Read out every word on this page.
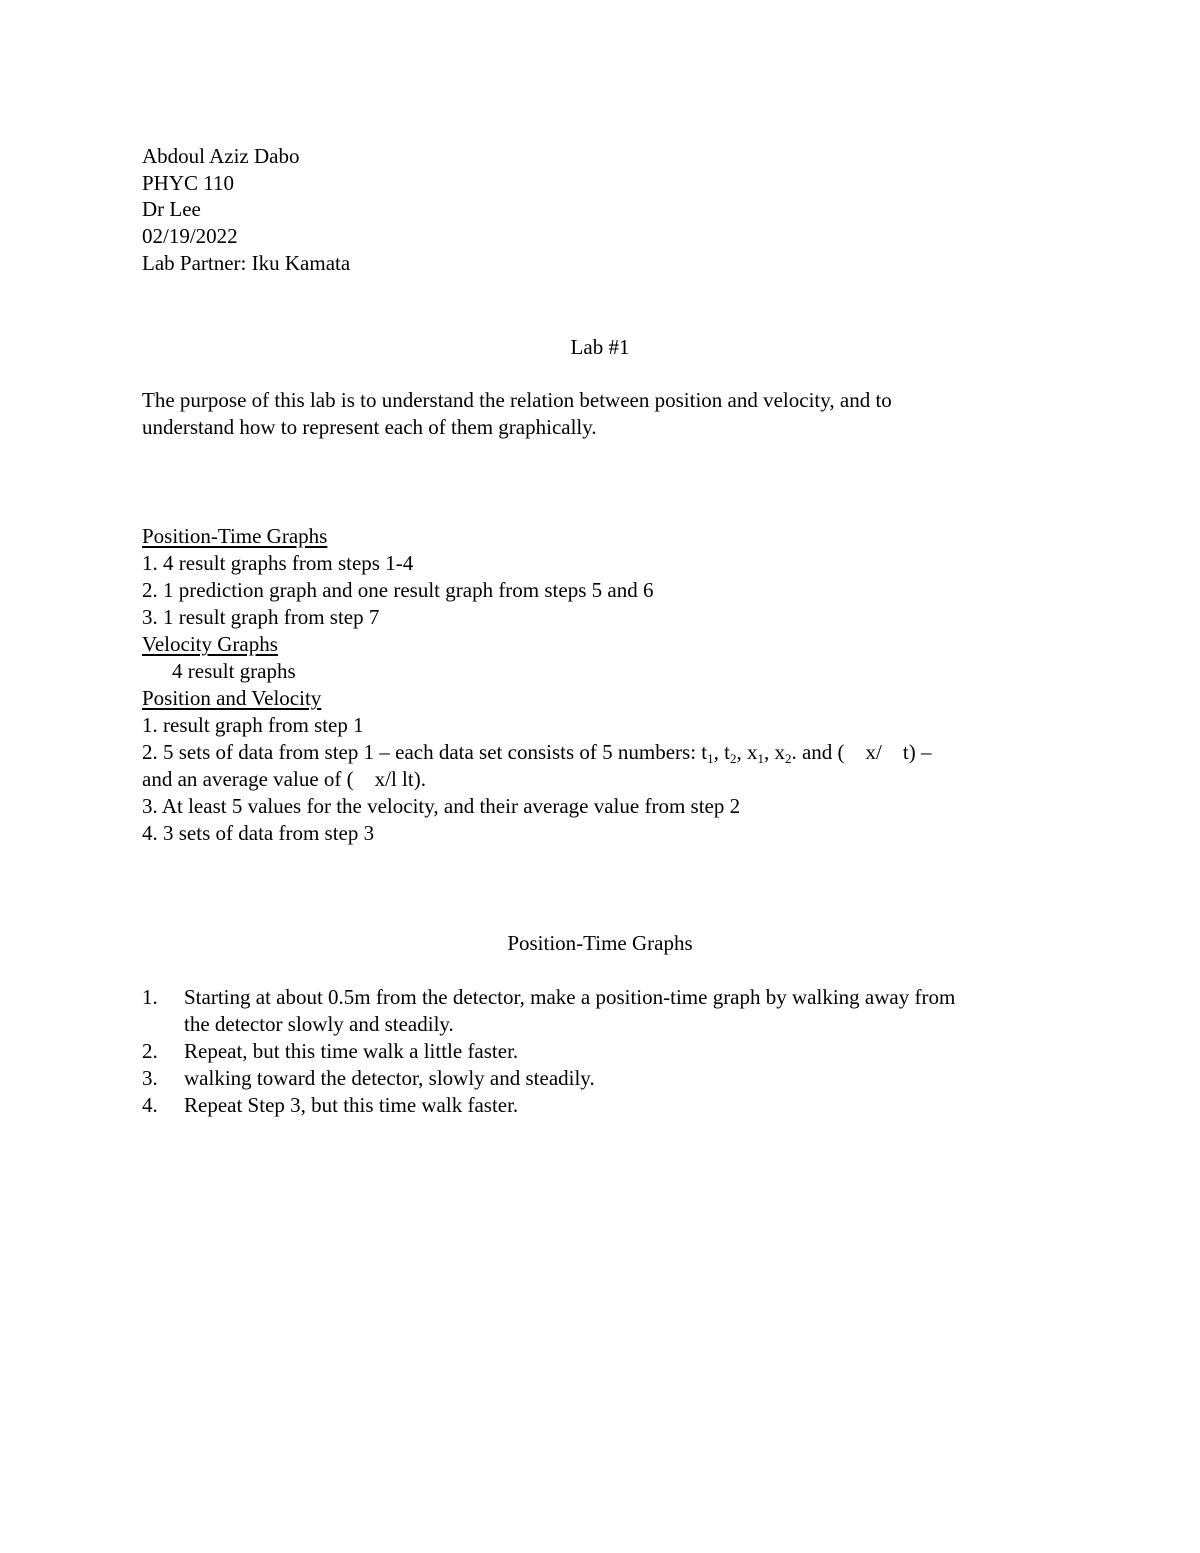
Abdoul Aziz Dabo
PHYC 110
Dr Lee
02/19/2022
Lab Partner: Iku Kamata
Lab #1
The purpose of this lab is to understand the relation between position and velocity, and to
understand how to represent each of them graphically.
Position-Time Graphs
1. 4 result graphs from steps 1-4
2. 1 prediction graph and one result graph from steps 5 and 6
3. 1 result graph from step 7
Velocity Graphs
4 result graphs
Position and Velocity
1. result graph from step 1
2. 5 sets of data from step 1 – each data set consists of 5 numbers: $t_1$, $t_2$, $x_1$, $x_2$. and ( x/ t) –
and an average value of ( x/l lt).
3. At least 5 values for the velocity, and their average value from step 2
4. 3 sets of data from step 3
Position-Time Graphs
1. Starting at about 0.5m from the detector, make a position-time graph by walking away from
the detector slowly and steadily.
2. Repeat, but this time walk a little faster.
3. walking toward the detector, slowly and steadily.
4. Repeat Step 3, but this time walk faster.
